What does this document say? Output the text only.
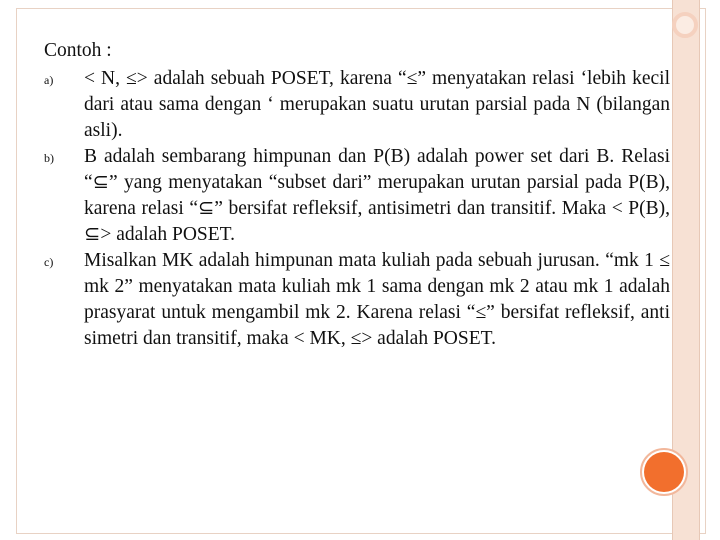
Contoh :
a)	< N, ≤> adalah sebuah POSET, karena “≤” menyatakan relasi ‘lebih kecil dari atau sama dengan ‘ merupakan suatu urutan parsial pada N (bilangan asli).
b)	B adalah sembarang himpunan dan P(B) adalah power set dari B. Relasi “⊆” yang menyatakan “subset dari” merupakan urutan parsial pada P(B), karena relasi “⊆” bersifat refleksif, antisimetri dan transitif. Maka < P(B), ⊆> adalah POSET.
c)	Misalkan MK adalah himpunan mata kuliah pada sebuah jurusan. “mk 1 ≤ mk 2” menyatakan mata kuliah mk 1 sama dengan mk 2 atau mk 1 adalah prasyarat untuk mengambil mk 2. Karena relasi “≤” bersifat refleksif, anti simetri dan transitif, maka < MK, ≤> adalah POSET.
